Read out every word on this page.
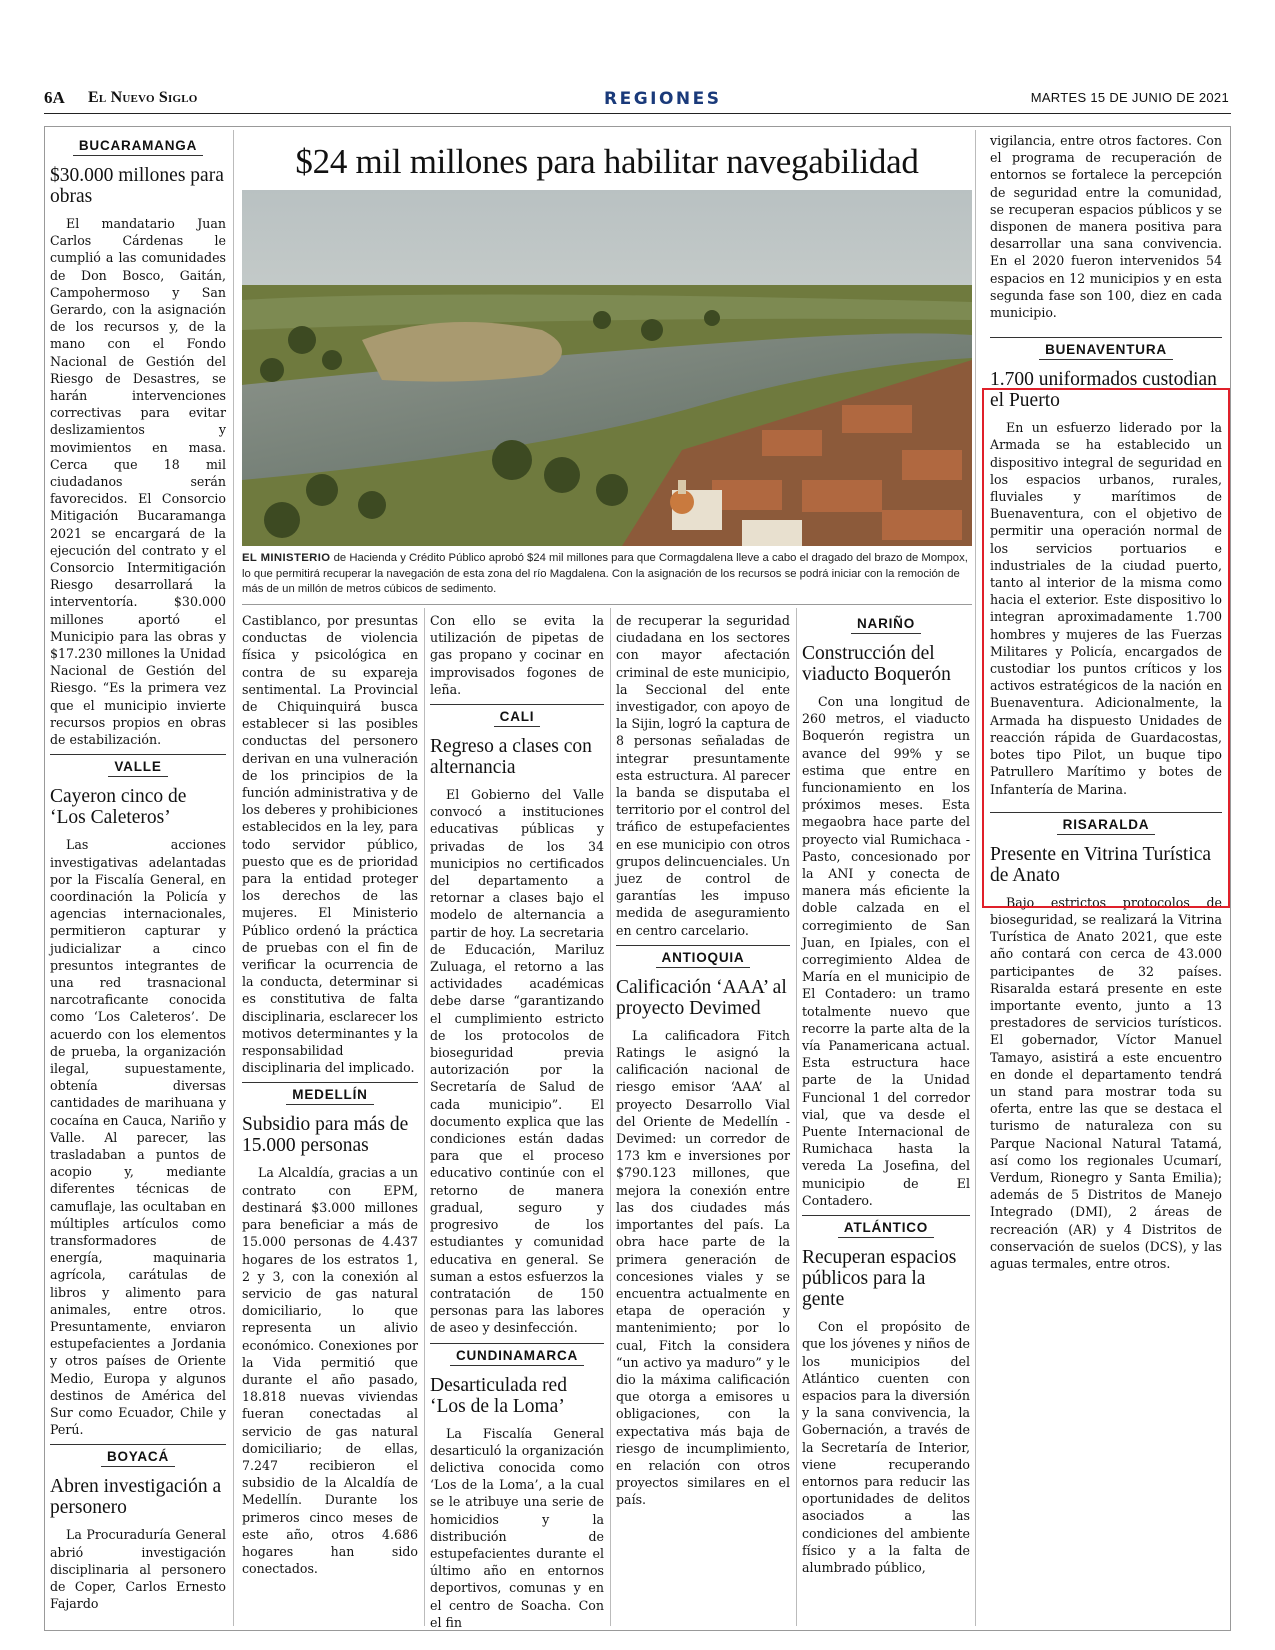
6A El Nuevo Siglo	REGIONES	MARTES 15 DE JUNIO DE 2021
BUCARAMANGA
$30.000 millones para obras

El mandatario Juan Carlos Cárdenas le cumplió a las comunidades de Don Bosco, Gaitán, Campohermoso y San Gerardo, con la asignación de los recursos y, de la mano con el Fondo Nacional de Gestión del Riesgo de Desastres, se harán intervenciones correctivas para evitar deslizamientos y movimientos en masa. Cerca que 18 mil ciudadanos serán favorecidos. El Consorcio Mitigación Bucaramanga 2021 se encargará de la ejecución del contrato y el Consorcio Intermitigación Riesgo desarrollará la interventoría. $30.000 millones aportó el Municipio para las obras y $17.230 millones la Unidad Nacional de Gestión del Riesgo. “Es la primera vez que el municipio invierte recursos propios en obras de estabilización.

VALLE
Cayeron cinco de ‘Los Caleteros’

Las acciones investigativas adelantadas por la Fiscalía General, en coordinación la Policía y agencias internacionales, permitieron capturar y judicializar a cinco presuntos integrantes de una red trasnacional narcotraficante conocida como ‘Los Caleteros’. De acuerdo con los elementos de prueba, la organización ilegal, supuestamente, obtenía diversas cantidades de marihuana y cocaína en Cauca, Nariño y Valle. Al parecer, las trasladaban a puntos de acopio y, mediante diferentes técnicas de camuflaje, las ocultaban en múltiples artículos como transformadores de energía, maquinaria agrícola, carátulas de libros y alimento para animales, entre otros. Presuntamente, enviaron estupefacientes a Jordania y otros países de Oriente Medio, Europa y algunos destinos de América del Sur como Ecuador, Chile y Perú.

BOYACÁ
Abren investigación a personero

La Procuraduría General abrió investigación disciplinaria al personero de Coper, Carlos Ernesto Fajardo

$24 mil millones para habilitar navegabilidad
EL MINISTERIO de Hacienda y Crédito Público aprobó $24 mil millones para que Cormagdalena lleve a cabo el dragado del brazo de Mompox, lo que permitirá recuperar la navegación de esta zona del río Magdalena. Con la asignación de los recursos se podrá iniciar con la remoción de más de un millón de metros cúbicos de sedimento.

Castiblanco, por presuntas conductas de violencia física y psicológica en contra de su expareja sentimental. La Provincial de Chiquinquirá busca establecer si las posibles conductas del personero derivan en una vulneración de los principios de la función administrativa y de los deberes y prohibiciones establecidos en la ley, para todo servidor público, puesto que es de prioridad para la entidad proteger los derechos de las mujeres. El Ministerio Público ordenó la práctica de pruebas con el fin de verificar la ocurrencia de la conducta, determinar si es constitutiva de falta disciplinaria, esclarecer los motivos determinantes y la responsabilidad disciplinaria del implicado.

MEDELLÍN
Subsidio para más de 15.000 personas

La Alcaldía, gracias a un contrato con EPM, destinará $3.000 millones para beneficiar a más de 15.000 personas de 4.437 hogares de los estratos 1, 2 y 3, con la conexión al servicio de gas natural domiciliario, lo que representa un alivio económico. Conexiones por la Vida permitió que durante el año pasado, 18.818 nuevas viviendas fueran conectadas al servicio de gas natural domiciliario; de ellas, 7.247 recibieron el subsidio de la Alcaldía de Medellín. Durante los primeros cinco meses de este año, otros 4.686 hogares han sido conectados.

Con ello se evita la utilización de pipetas de gas propano y cocinar en improvisados fogones de leña.

CALI
Regreso a clases con alternancia

El Gobierno del Valle convocó a instituciones educativas públicas y privadas de los 34 municipios no certificados del departamento a retornar a clases bajo el modelo de alternancia a partir de hoy. La secretaria de Educación, Mariluz Zuluaga, el retorno a las actividades académicas debe darse “garantizando el cumplimiento estricto de los protocolos de bioseguridad previa autorización por la Secretaría de Salud de cada municipio”. El documento explica que las condiciones están dadas para que el proceso educativo continúe con el retorno de manera gradual, seguro y progresivo de los estudiantes y comunidad educativa en general. Se suman a estos esfuerzos la contratación de 150 personas para las labores de aseo y desinfección.

CUNDINAMARCA
Desarticulada red ‘Los de la Loma’

La Fiscalía General desarticuló la organización delictiva conocida como ‘Los de la Loma’, a la cual se le atribuye una serie de homicidios y la distribución de estupefacientes durante el último año en entornos deportivos, comunas y en el centro de Soacha. Con el fin

de recuperar la seguridad ciudadana en los sectores con mayor afectación criminal de este municipio, la Seccional del ente investigador, con apoyo de la Sijin, logró la captura de 8 personas señaladas de integrar presuntamente esta estructura. Al parecer la banda se disputaba el territorio por el control del tráfico de estupefacientes en ese municipio con otros grupos delincuenciales. Un juez de control de garantías les impuso medida de aseguramiento en centro carcelario.

ANTIOQUIA
Calificación ‘AAA’ al proyecto Devimed

La calificadora Fitch Ratings le asignó la calificación nacional de riesgo emisor ‘AAA’ al proyecto Desarrollo Vial del Oriente de Medellín - Devimed: un corredor de 173 km e inversiones por $790.123 millones, que mejora la conexión entre las dos ciudades más importantes del país. La obra hace parte de la primera generación de concesiones viales y se encuentra actualmente en etapa de operación y mantenimiento; por lo cual, Fitch la considera “un activo ya maduro” y le dio la máxima calificación que otorga a emisores u obligaciones, con la expectativa más baja de riesgo de incumplimiento, en relación con otros proyectos similares en el país.

NARIÑO
Construcción del viaducto Boquerón

Con una longitud de 260 metros, el viaducto Boquerón registra un avance del 99% y se estima que entre en funcionamiento en los próximos meses. Esta megaobra hace parte del proyecto vial Rumichaca - Pasto, concesionado por la ANI y conecta de manera más eficiente la doble calzada en el corregimiento de San Juan, en Ipiales, con el corregimiento Aldea de María en el municipio de El Contadero: un tramo totalmente nuevo que recorre la parte alta de la vía Panamericana actual. Esta estructura hace parte de la Unidad Funcional 1 del corredor vial, que va desde el Puente Internacional de Rumichaca hasta la vereda La Josefina, del municipio de El Contadero.

ATLÁNTICO
Recuperan espacios públicos para la gente

Con el propósito de que los jóvenes y niños de los municipios del Atlántico cuenten con espacios para la diversión y la sana convivencia, la Gobernación, a través de la Secretaría de Interior, viene recuperando entornos para reducir las oportunidades de delitos asociados a las condiciones del ambiente físico y a la falta de alumbrado público,

vigilancia, entre otros factores. Con el programa de recuperación de entornos se fortalece la percepción de seguridad entre la comunidad, se recuperan espacios públicos y se disponen de manera positiva para desarrollar una sana convivencia. En el 2020 fueron intervenidos 54 espacios en 12 municipios y en esta segunda fase son 100, diez en cada municipio.

BUENAVENTURA
1.700 uniformados custodian el Puerto

En un esfuerzo liderado por la Armada se ha establecido un dispositivo integral de seguridad en los espacios urbanos, rurales, fluviales y marítimos de Buenaventura, con el objetivo de permitir una operación normal de los servicios portuarios e industriales de la ciudad puerto, tanto al interior de la misma como hacia el exterior. Este dispositivo lo integran aproximadamente 1.700 hombres y mujeres de las Fuerzas Militares y Policía, encargados de custodiar los puntos críticos y los activos estratégicos de la nación en Buenaventura. Adicionalmente, la Armada ha dispuesto Unidades de reacción rápida de Guardacostas, botes tipo Pilot, un buque tipo Patrullero Marítimo y botes de Infantería de Marina.

RISARALDA
Presente en Vitrina Turística de Anato

Bajo estrictos protocolos de bioseguridad, se realizará la Vitrina Turística de Anato 2021, que este año contará con cerca de 43.000 participantes de 32 países. Risaralda estará presente en este importante evento, junto a 13 prestadores de servicios turísticos. El gobernador, Víctor Manuel Tamayo, asistirá a este encuentro en donde el departamento tendrá un stand para mostrar toda su oferta, entre las que se destaca el turismo de naturaleza con su Parque Nacional Natural Tatamá, así como los regionales Ucumarí, Verdum, Rionegro y Santa Emilia); además de 5 Distritos de Manejo Integrado (DMI), 2 áreas de recreación (AR) y 4 Distritos de conservación de suelos (DCS), y las aguas termales, entre otros.
